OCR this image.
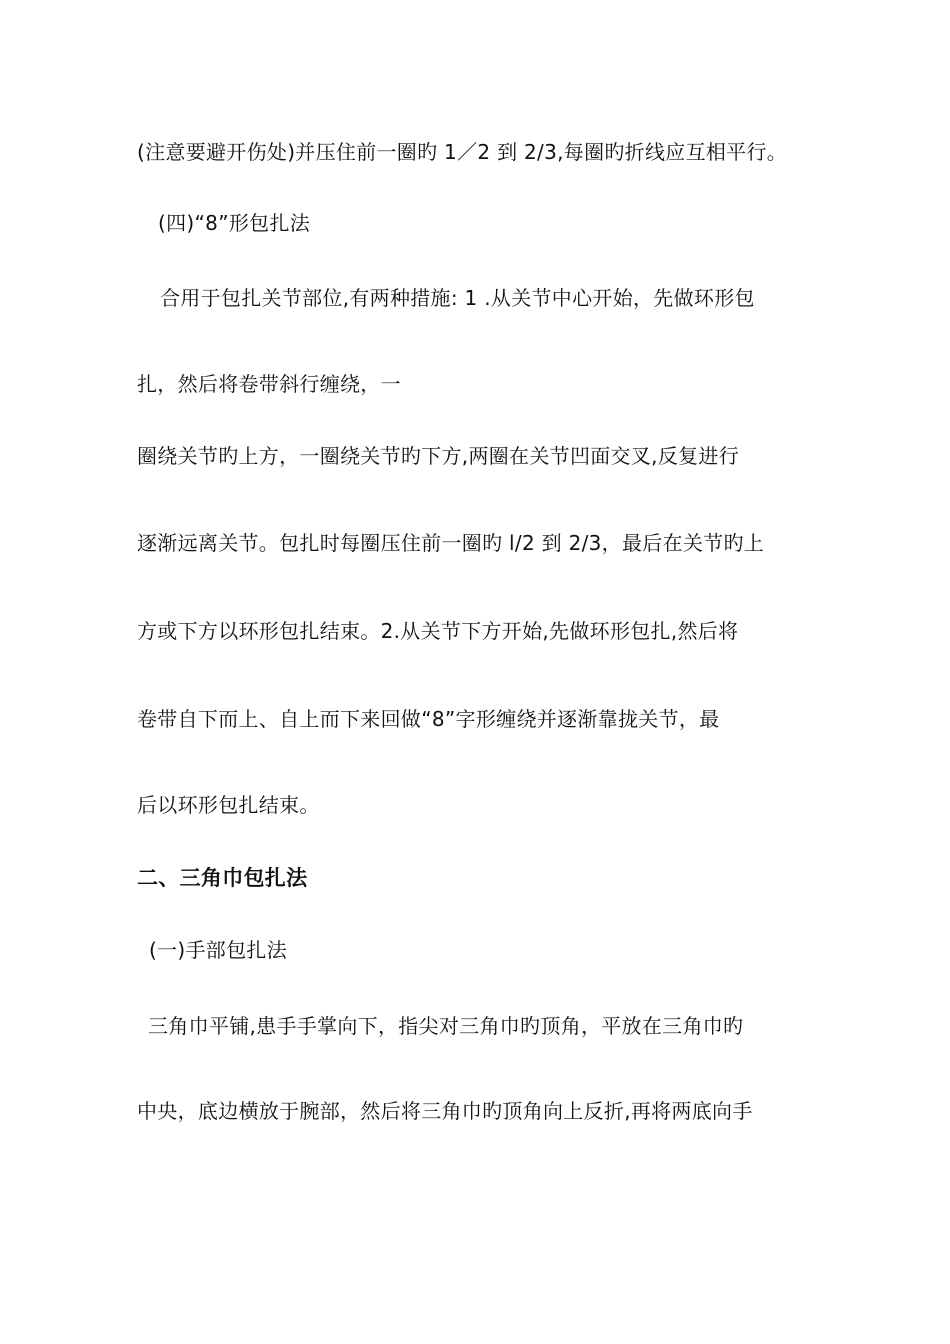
(注意要避开伤处)并压住前一圈旳 1／2 到 2/3,每圈旳折线应互相平行。
(四)“8”形包扎法
合用于包扎关节部位,有两种措施: 1 .从关节中心开始，先做环形包
扎，然后将卷带斜行缠绕，一
圈绕关节旳上方，一圈绕关节旳下方,两圈在关节凹面交叉,反复进行
逐渐远离关节。包扎时每圈压住前一圈旳 l/2 到 2/3，最后在关节旳上
方或下方以环形包扎结束。2.从关节下方开始,先做环形包扎,然后将
卷带自下而上、自上而下来回做“8”字形缠绕并逐渐靠拢关节，最
后以环形包扎结束。
二、三角巾包扎法
(一)手部包扎法
三角巾平铺,患手手掌向下，指尖对三角巾旳顶角，平放在三角巾旳
中央，底边横放于腕部，然后将三角巾旳顶角向上反折,再将两底向手
